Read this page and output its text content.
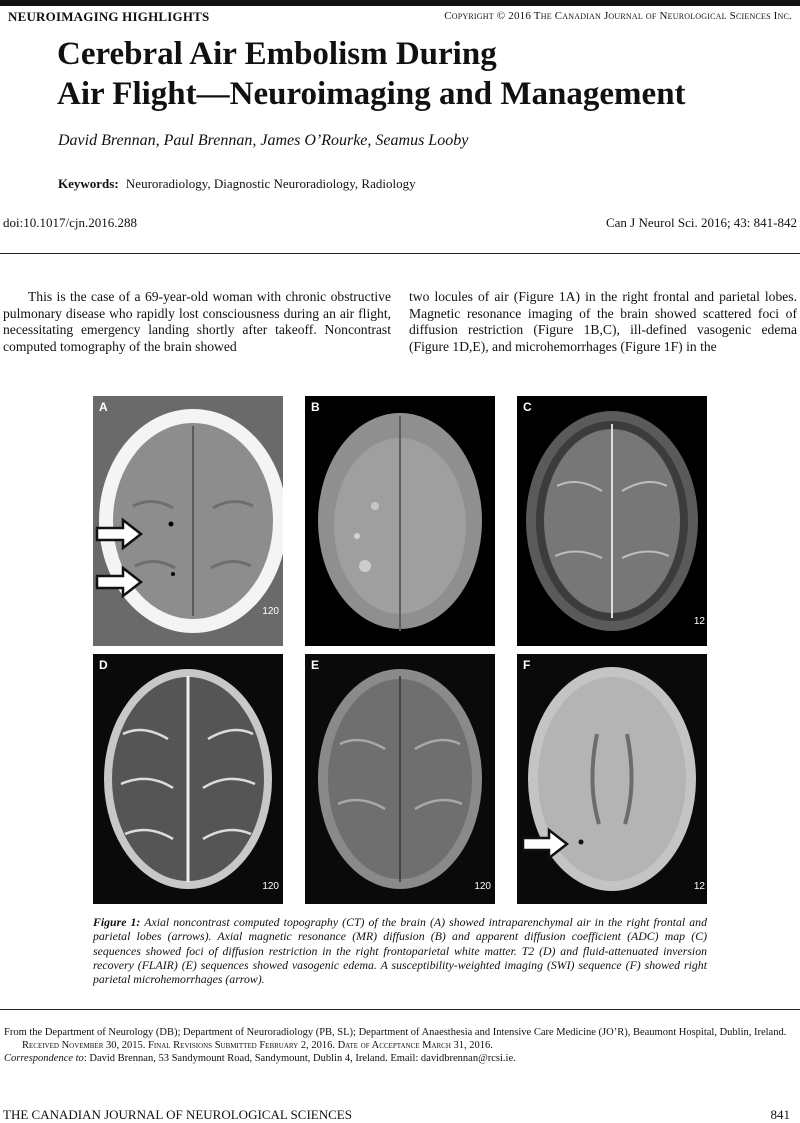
NEUROIMAGING HIGHLIGHTS	Copyright © 2016 The Canadian Journal of Neurological Sciences Inc.
Cerebral Air Embolism During
Air Flight—Neuroimaging and Management
David Brennan, Paul Brennan, James O’Rourke, Seamus Looby
Keywords: Neuroradiology, Diagnostic Neuroradiology, Radiology
doi:10.1017/cjn.2016.288	Can J Neurol Sci. 2016; 43: 841-842

This is the case of a 69-year-old woman with chronic obstructive pulmonary disease who rapidly lost consciousness during an air flight, necessitating emergency landing shortly after takeoff. Noncontrast computed tomography of the brain showed

two locules of air (Figure 1A) in the right frontal and parietal lobes. Magnetic resonance imaging of the brain showed scattered foci of diffusion restriction (Figure 1B,C), ill-defined vasogenic edema (Figure 1D,E), and microhemorrhages (Figure 1F) in the

120
A	B
12
C
120
D
120
E
12
F

Figure 1: Axial noncontrast computed topography (CT) of the brain (A) showed intraparenchymal air in the right frontal and parietal lobes (arrows). Axial magnetic resonance (MR) diffusion (B) and apparent diffusion coefficient (ADC) map (C) sequences showed foci of diffusion restriction in the right frontoparietal white matter. T2 (D) and fluid-attenuated inversion recovery (FLAIR) (E) sequences showed vasogenic edema. A susceptibility-weighted imaging (SWI) sequence (F) showed right parietal microhemorrhages (arrow).

From the Department of Neurology (DB); Department of Neuroradiology (PB, SL); Department of Anaesthesia and Intensive Care Medicine (JO’R), Beaumont Hospital, Dublin, Ireland.

Received November 30, 2015. Final Revisions Submitted February 2, 2016. Date of Acceptance March 31, 2016.

Correspondence to: David Brennan, 53 Sandymount Road, Sandymount, Dublin 4, Ireland. Email: davidbrennan@rcsi.ie.

THE CANADIAN JOURNAL OF NEUROLOGICAL SCIENCES	841
